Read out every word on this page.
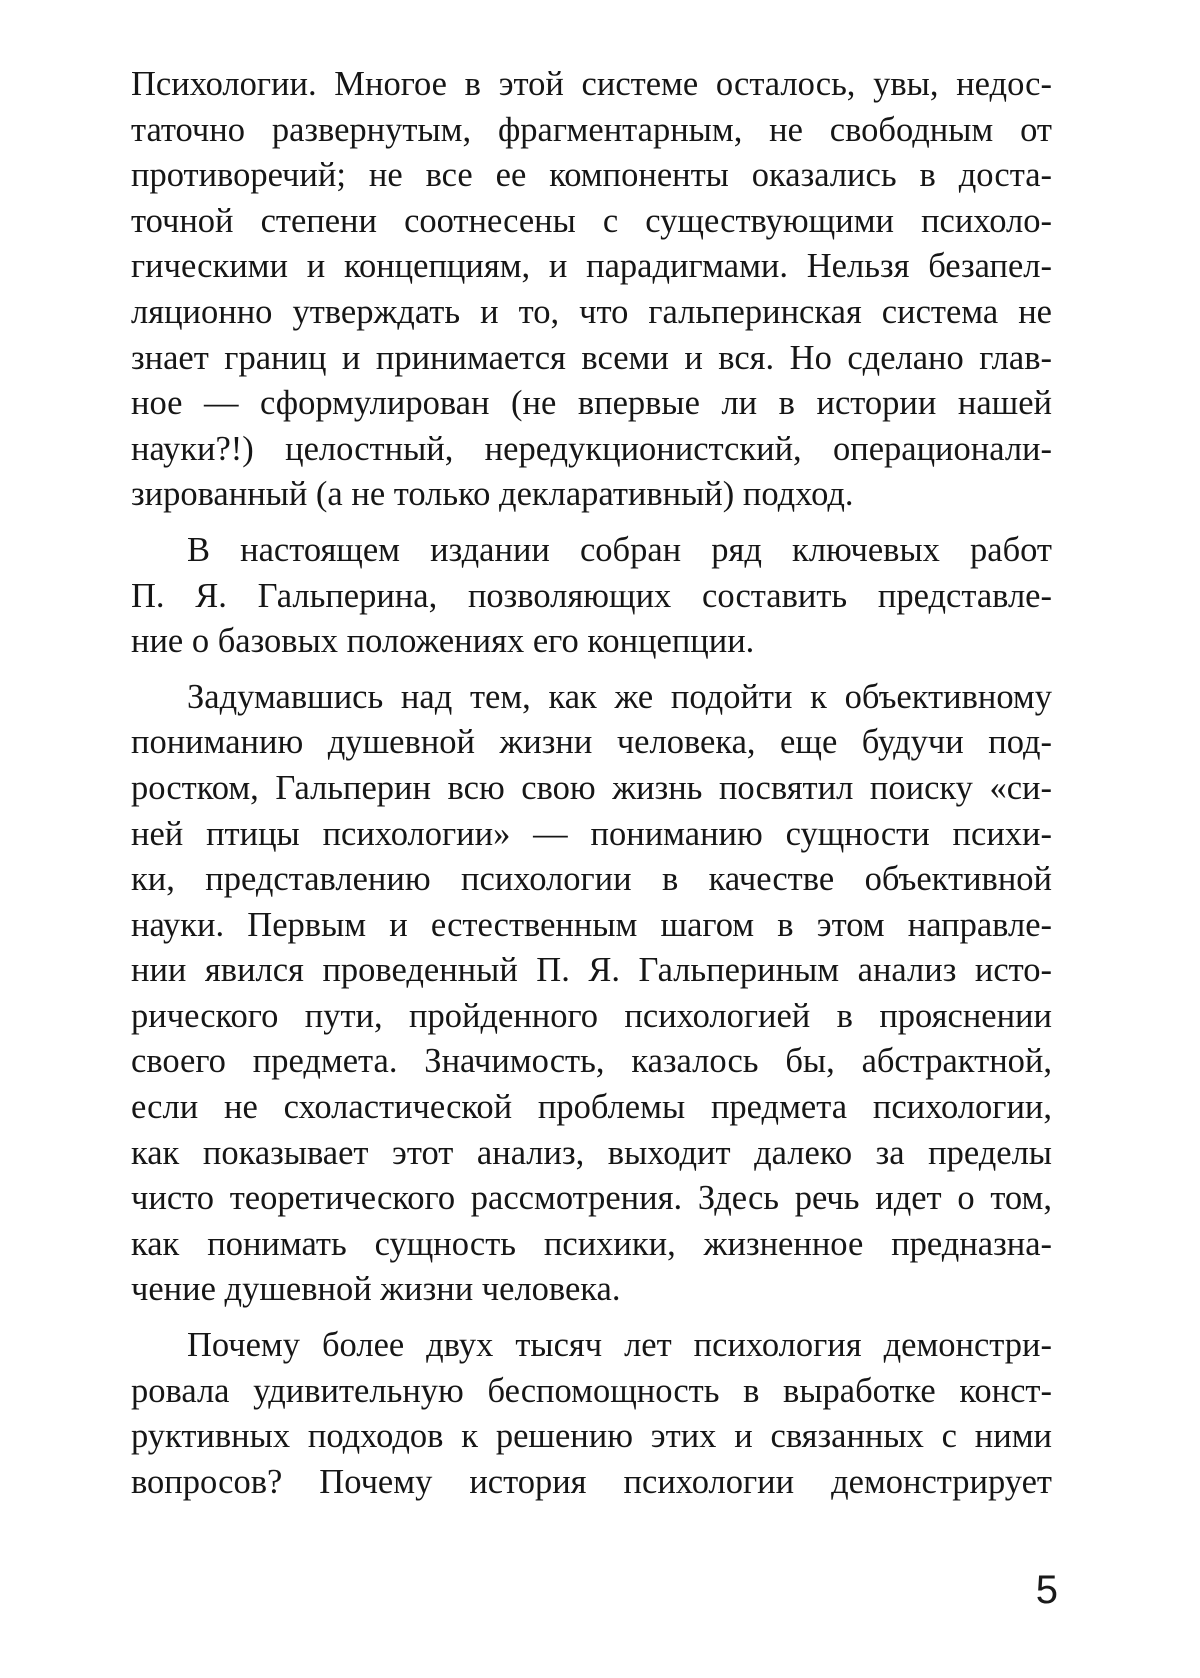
Психологии. Многое в этой системе осталось, увы, недос-
таточно развернутым, фрагментарным, не свободным от
противоречий; не все ее компоненты оказались в доста-
точной степени соотнесены с существующими психоло-
гическими и концепциям, и парадигмами. Нельзя безапел-
ляционно утверждать и то, что гальперинская система не
знает границ и принимается всеми и вся. Но сделано глав-
ное — сформулирован (не впервые ли в истории нашей
науки?!) целостный, нередукционистский, операционали-
зированный (а не только декларативный) подход.

В настоящем издании собран ряд ключевых работ
П. Я. Гальперина, позволяющих составить представле-
ние о базовых положениях его концепции.

Задумавшись над тем, как же подойти к объективному
пониманию душевной жизни человека, еще будучи под-
ростком, Гальперин всю свою жизнь посвятил поиску «си-
ней птицы психологии» — пониманию сущности психи-
ки, представлению психологии в качестве объективной
науки. Первым и естественным шагом в этом направле-
нии явился проведенный П. Я. Гальпериным анализ исто-
рического пути, пройденного психологией в прояснении
своего предмета. Значимость, казалось бы, абстрактной,
если не схоластической проблемы предмета психологии,
как показывает этот анализ, выходит далеко за пределы
чисто теоретического рассмотрения. Здесь речь идет о том,
как понимать сущность психики, жизненное предназна-
чение душевной жизни человека.

Почему более двух тысяч лет психология демонстри-
ровала удивительную беспомощность в выработке конст-
руктивных подходов к решению этих и связанных с ними
вопросов? Почему история психологии демонстрирует

5
